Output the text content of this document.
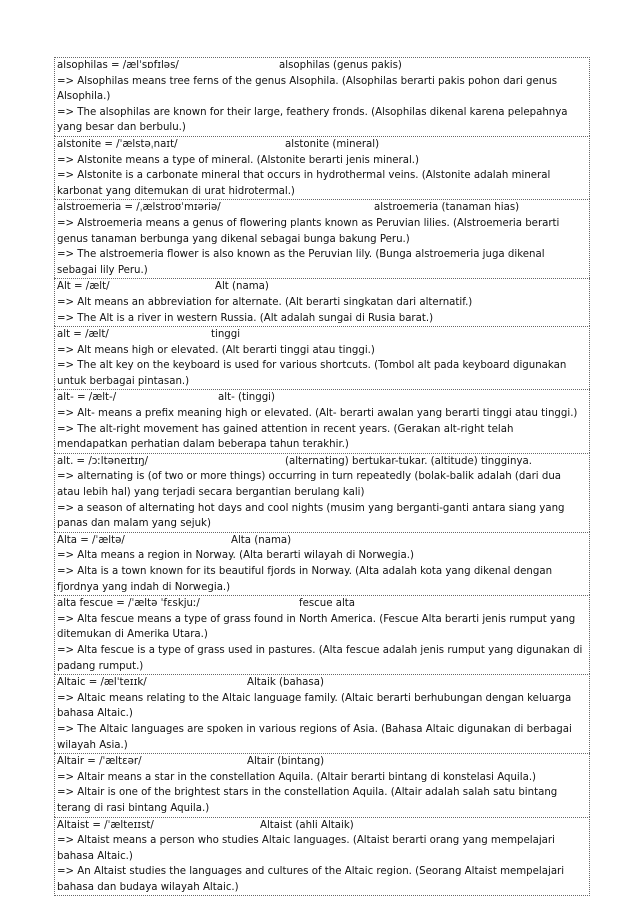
alsophilas = /ælˈsɒfɪləs/	alsophilas (genus pakis)
=> Alsophilas means tree ferns of the genus Alsophila. (Alsophilas berarti pakis pohon dari genus Alsophila.)
=> The alsophilas are known for their large, feathery fronds. (Alsophilas dikenal karena pelepahnya yang besar dan berbulu.)
alstonite = /ˈælstəˌnaɪt/	alstonite (mineral)
=> Alstonite means a type of mineral. (Alstonite berarti jenis mineral.)
=> Alstonite is a carbonate mineral that occurs in hydrothermal veins. (Alstonite adalah mineral karbonat yang ditemukan di urat hidrotermal.)
alstroemeria = /ˌælstroʊˈmɪəriə/	alstroemeria (tanaman hias)
=> Alstroemeria means a genus of flowering plants known as Peruvian lilies. (Alstroemeria berarti genus tanaman berbunga yang dikenal sebagai bunga bakung Peru.)
=> The alstroemeria flower is also known as the Peruvian lily. (Bunga alstroemeria juga dikenal sebagai lily Peru.)
Alt = /ælt/	Alt (nama)
=> Alt means an abbreviation for alternate. (Alt berarti singkatan dari alternatif.)
=> The Alt is a river in western Russia. (Alt adalah sungai di Rusia barat.)
alt = /ælt/	tinggi
=> Alt means high or elevated. (Alt berarti tinggi atau tinggi.)
=> The alt key on the keyboard is used for various shortcuts. (Tombol alt pada keyboard digunakan untuk berbagai pintasan.)
alt- = /ælt-/	alt- (tinggi)
=> Alt- means a prefix meaning high or elevated. (Alt- berarti awalan yang berarti tinggi atau tinggi.)
=> The alt-right movement has gained attention in recent years. (Gerakan alt-right telah mendapatkan perhatian dalam beberapa tahun terakhir.)
alt. = /ɔːltəneɪtɪŋ/	(alternating) bertukar-tukar. (altitude) tingginya.
=> alternating is (of two or more things) occurring in turn repeatedly (bolak-balik adalah (dari dua atau lebih hal) yang terjadi secara bergantian berulang kali)
=> a season of alternating hot days and cool nights (musim yang berganti-ganti antara siang yang panas dan malam yang sejuk)
Alta = /ˈæltə/	Alta (nama)
=> Alta means a region in Norway. (Alta berarti wilayah di Norwegia.)
=> Alta is a town known for its beautiful fjords in Norway. (Alta adalah kota yang dikenal dengan fjordnya yang indah di Norwegia.)
alta fescue = /ˈæltə ˈfɛskjuː/	fescue alta
=> Alta fescue means a type of grass found in North America. (Fescue Alta berarti jenis rumput yang ditemukan di Amerika Utara.)
=> Alta fescue is a type of grass used in pastures. (Alta fescue adalah jenis rumput yang digunakan di padang rumput.)
Altaic = /ælˈteɪɪk/	Altaik (bahasa)
=> Altaic means relating to the Altaic language family. (Altaic berarti berhubungan dengan keluarga bahasa Altaic.)
=> The Altaic languages are spoken in various regions of Asia. (Bahasa Altaic digunakan di berbagai wilayah Asia.)
Altair = /ˈæltɛər/	Altair (bintang)
=> Altair means a star in the constellation Aquila. (Altair berarti bintang di konstelasi Aquila.)
=> Altair is one of the brightest stars in the constellation Aquila. (Altair adalah salah satu bintang terang di rasi bintang Aquila.)
Altaist = /ˈælteɪɪst/	Altaist (ahli Altaik)
=> Altaist means a person who studies Altaic languages. (Altaist berarti orang yang mempelajari bahasa Altaic.)
=> An Altaist studies the languages and cultures of the Altaic region. (Seorang Altaist mempelajari bahasa dan budaya wilayah Altaic.)
